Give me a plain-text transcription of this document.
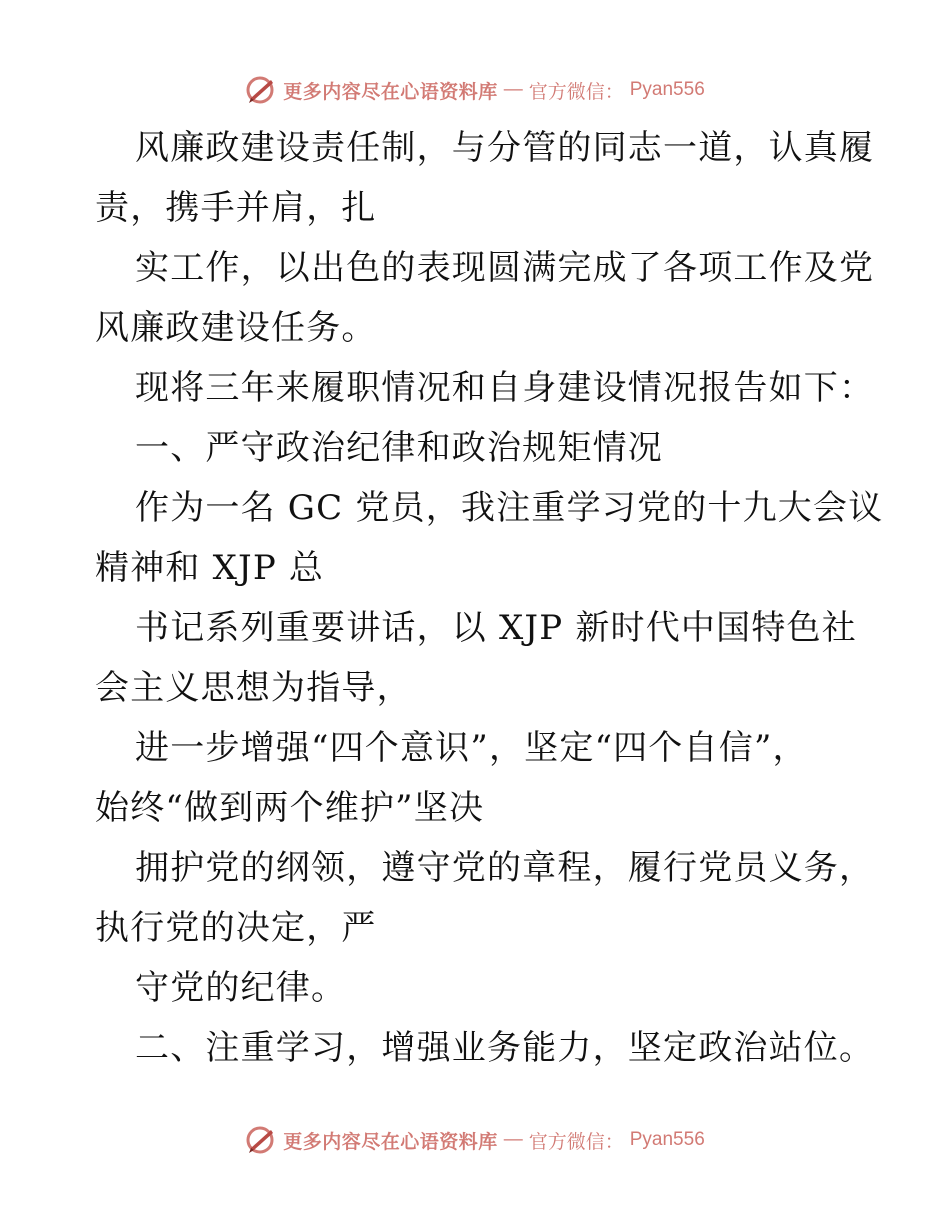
更多内容尽在心语资料库 — 官方微信： Pyan556
风廉政建设责任制，与分管的同志一道，认真履
责，携手并肩，扎
实工作，以出色的表现圆满完成了各项工作及党
风廉政建设任务。
现将三年来履职情况和自身建设情况报告如下：
一、严守政治纪律和政治规矩情况
作为一名 GC 党员，我注重学习党的十九大会议
精神和 XJP 总
书记系列重要讲话，以 XJP 新时代中国特色社
会主义思想为指导，
进一步增强“四个意识”，坚定“四个自信”，
始终“做到两个维护”坚决
拥护党的纲领，遵守党的章程，履行党员义务，
执行党的决定，严
守党的纪律。
二、注重学习，增强业务能力，坚定政治站位。
更多内容尽在心语资料库 — 官方微信： Pyan556
